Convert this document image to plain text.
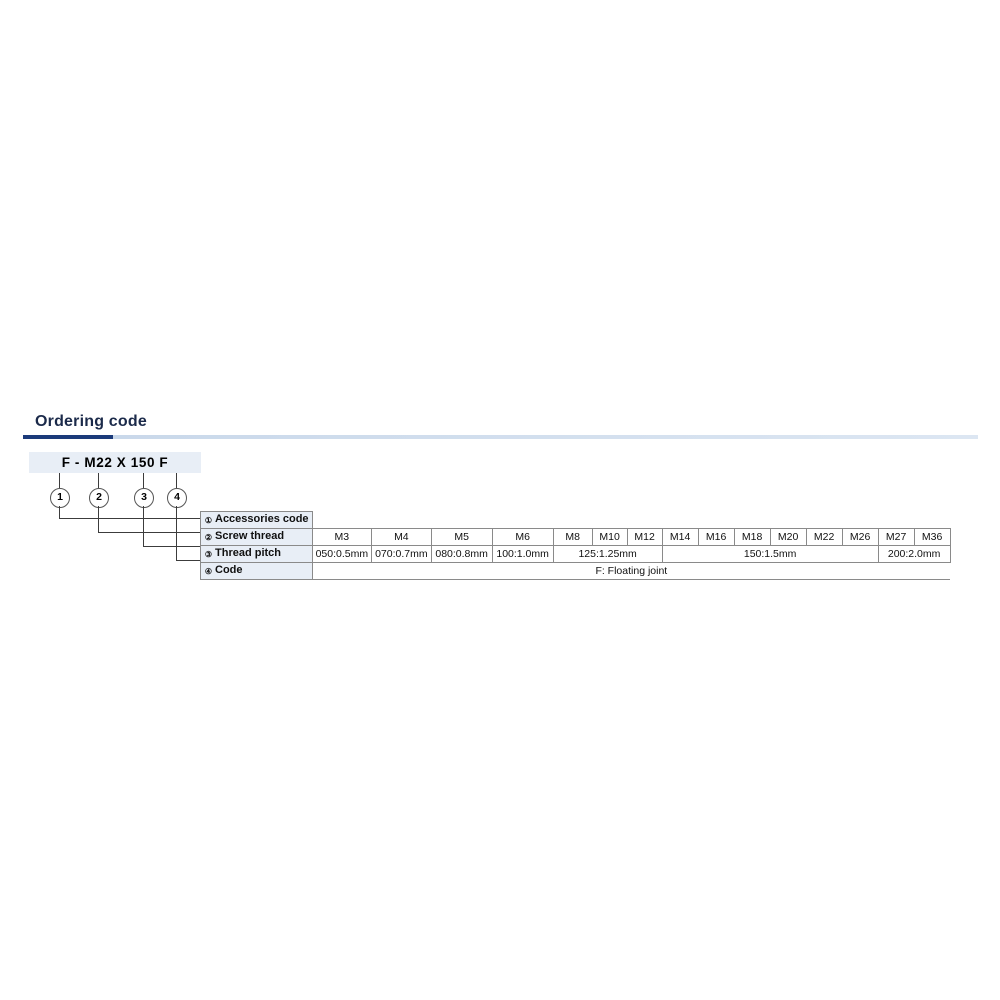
Ordering code
F - M22 X 150 F
1	2	3	4
① Accessories code															
② Screw thread	M3	M4	M5	M6	M8	M10	M12	M14	M16	M18	M20	M22	M26	M27	M36
③ Thread pitch	050:0.5mm	070:0.7mm	080:0.8mm	100:1.0mm	125:1.25mm			150:1.5mm						200:2.0mm	
④ Code	F: Floating joint														
